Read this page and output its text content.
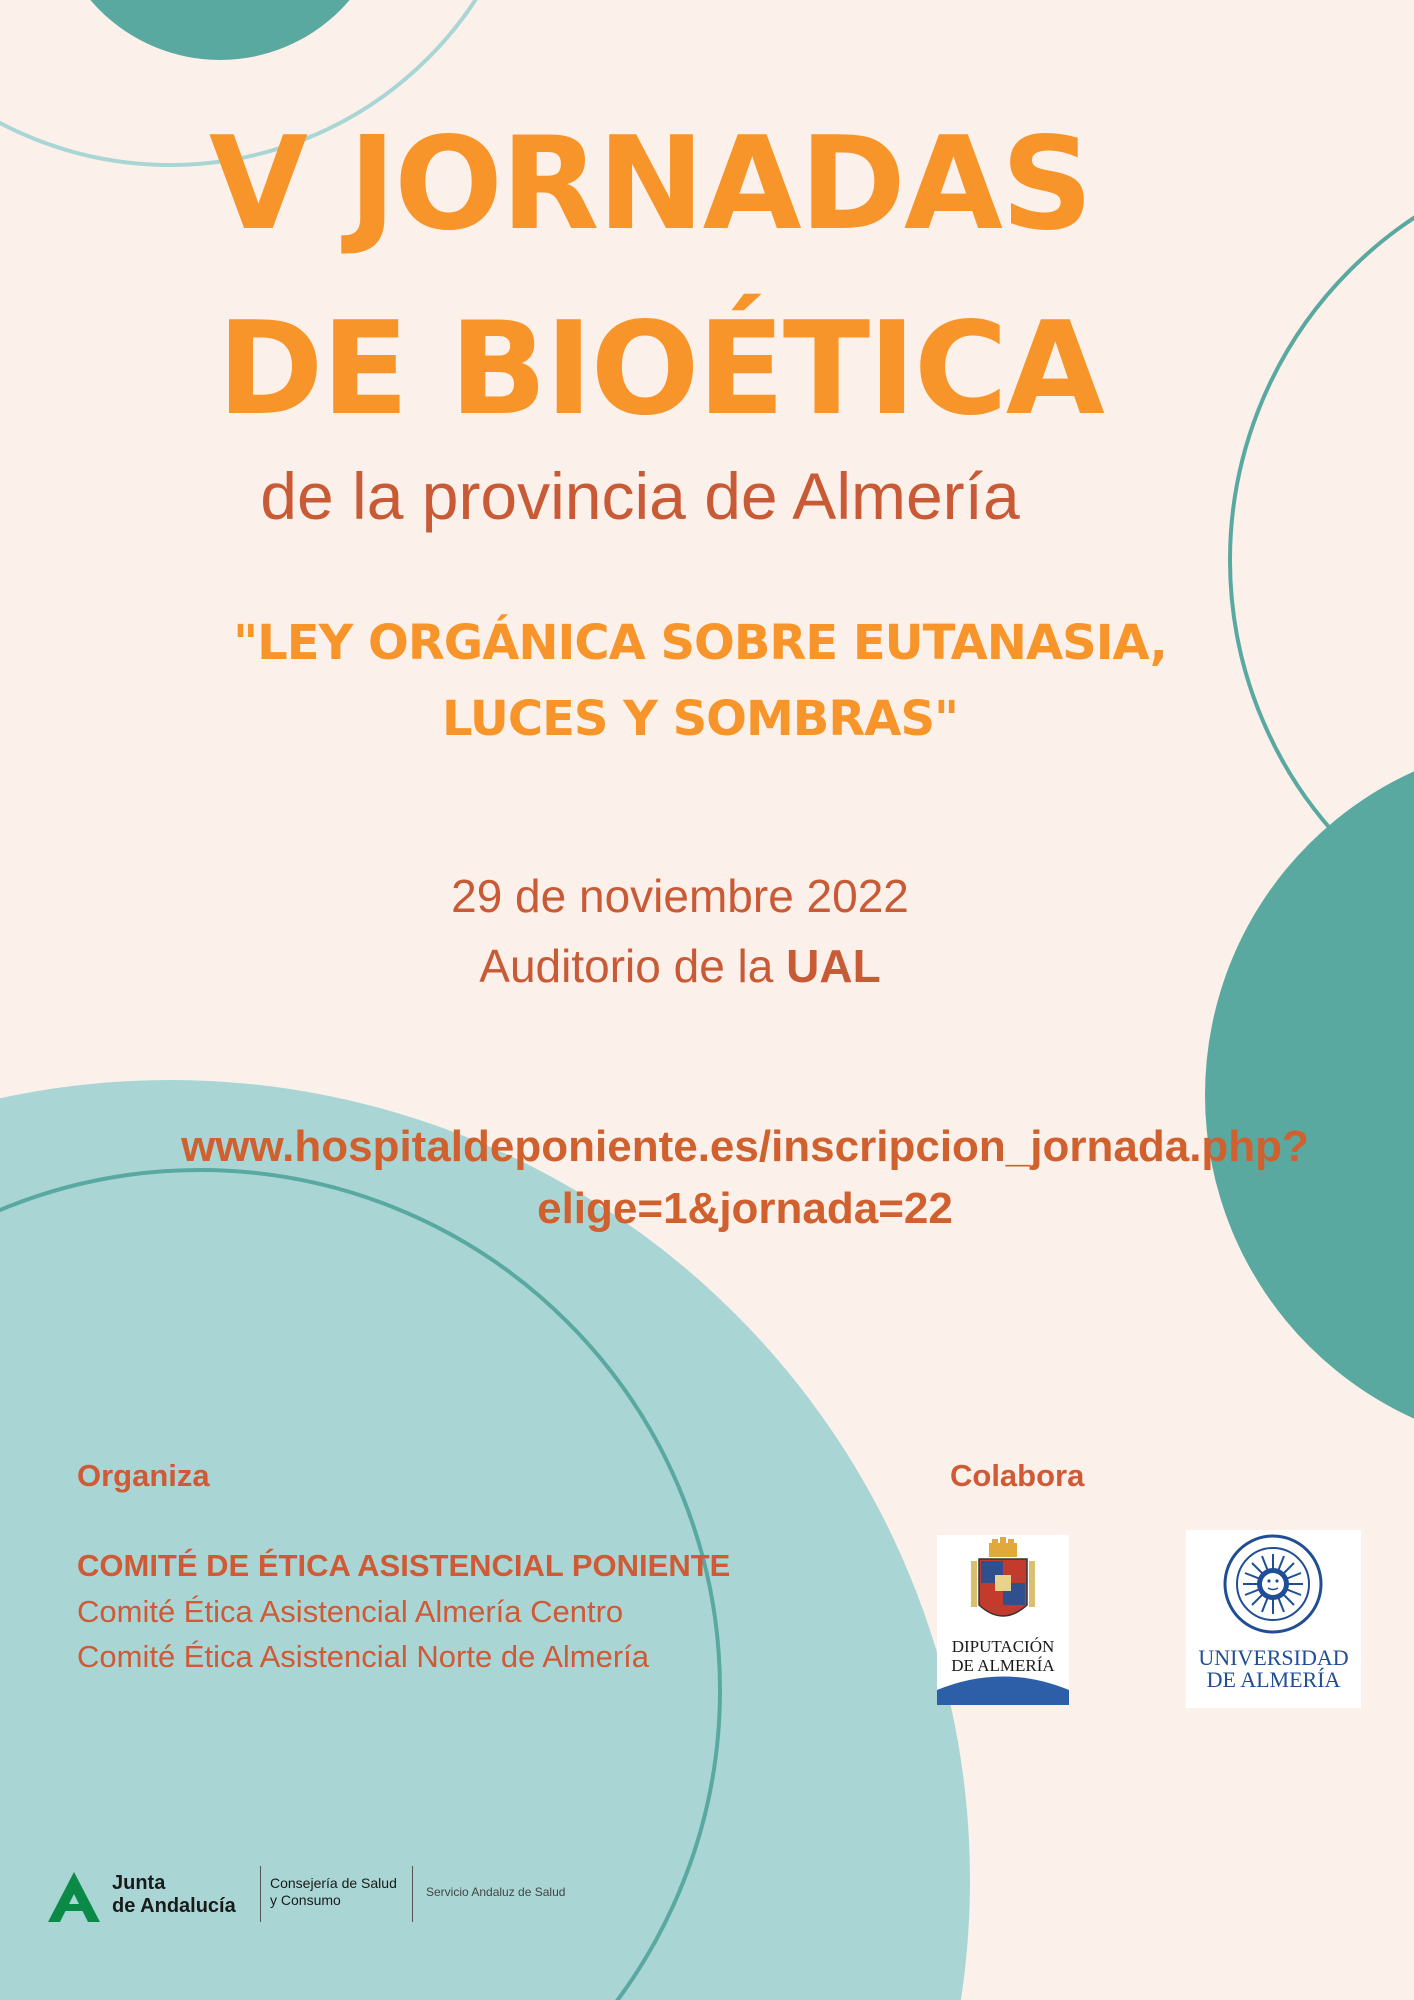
V JORNADAS
DE BIOÉTICA
de la provincia de Almería
"LEY ORGÁNICA SOBRE EUTANASIA,
LUCES Y SOMBRAS"
29 de noviembre 2022
Auditorio de la UAL
www.hospitaldeponiente.es/inscripcion_jornada.php?
elige=1&jornada=22
Organiza	Colabora
COMITÉ DE ÉTICA ASISTENCIAL PONIENTE
Comité Ética Asistencial Almería Centro
Comité Ética Asistencial Norte de Almería	DIPUTACIÓN
DE ALMERÍA	UNIVERSIDAD
DE ALMERÍA
Junta
de Andalucía
Consejería de Salud
y Consumo	Servicio Andaluz de Salud
